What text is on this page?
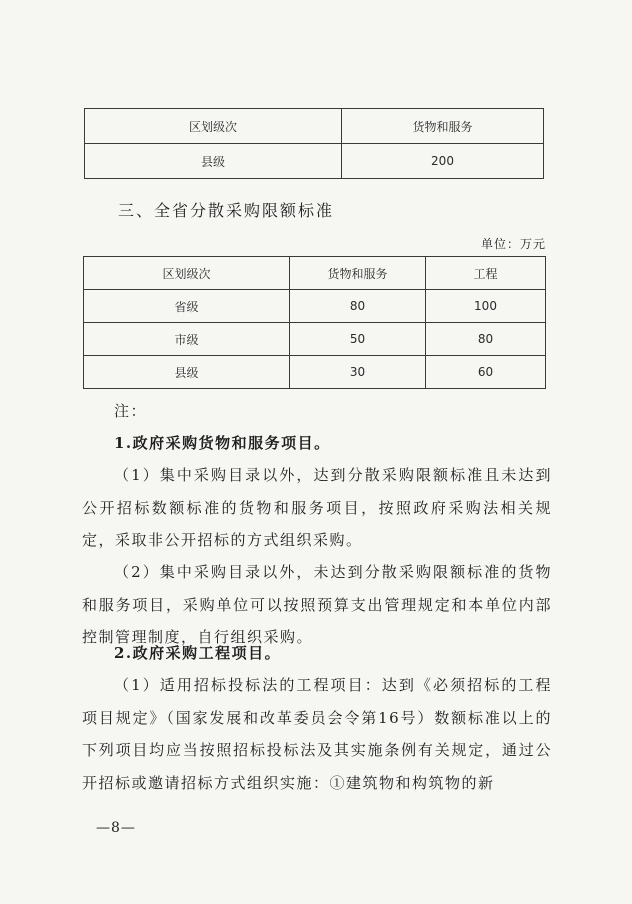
区划级次	货物和服务
县级	200
三、全省分散采购限额标准
单位：万元
区划级次	货物和服务	工程
省级	80	100
市级	50	80
县级	30	60

注：

1.政府采购货物和服务项目。

（1）集中采购目录以外，达到分散采购限额标准且未达到公开招标数额标准的货物和服务项目，按照政府采购法相关规定，采取非公开招标的方式组织采购。

（2）集中采购目录以外，未达到分散采购限额标准的货物和服务项目，采购单位可以按照预算支出管理规定和本单位内部控制管理制度，自行组织采购。

2.政府采购工程项目。

（1）适用招标投标法的工程项目：达到《必须招标的工程项目规定》（国家发展和改革委员会令第16号）数额标准以上的下列项目均应当按照招标投标法及其实施条例有关规定，通过公开招标或邀请招标方式组织实施：①建筑物和构筑物的新

—8—
